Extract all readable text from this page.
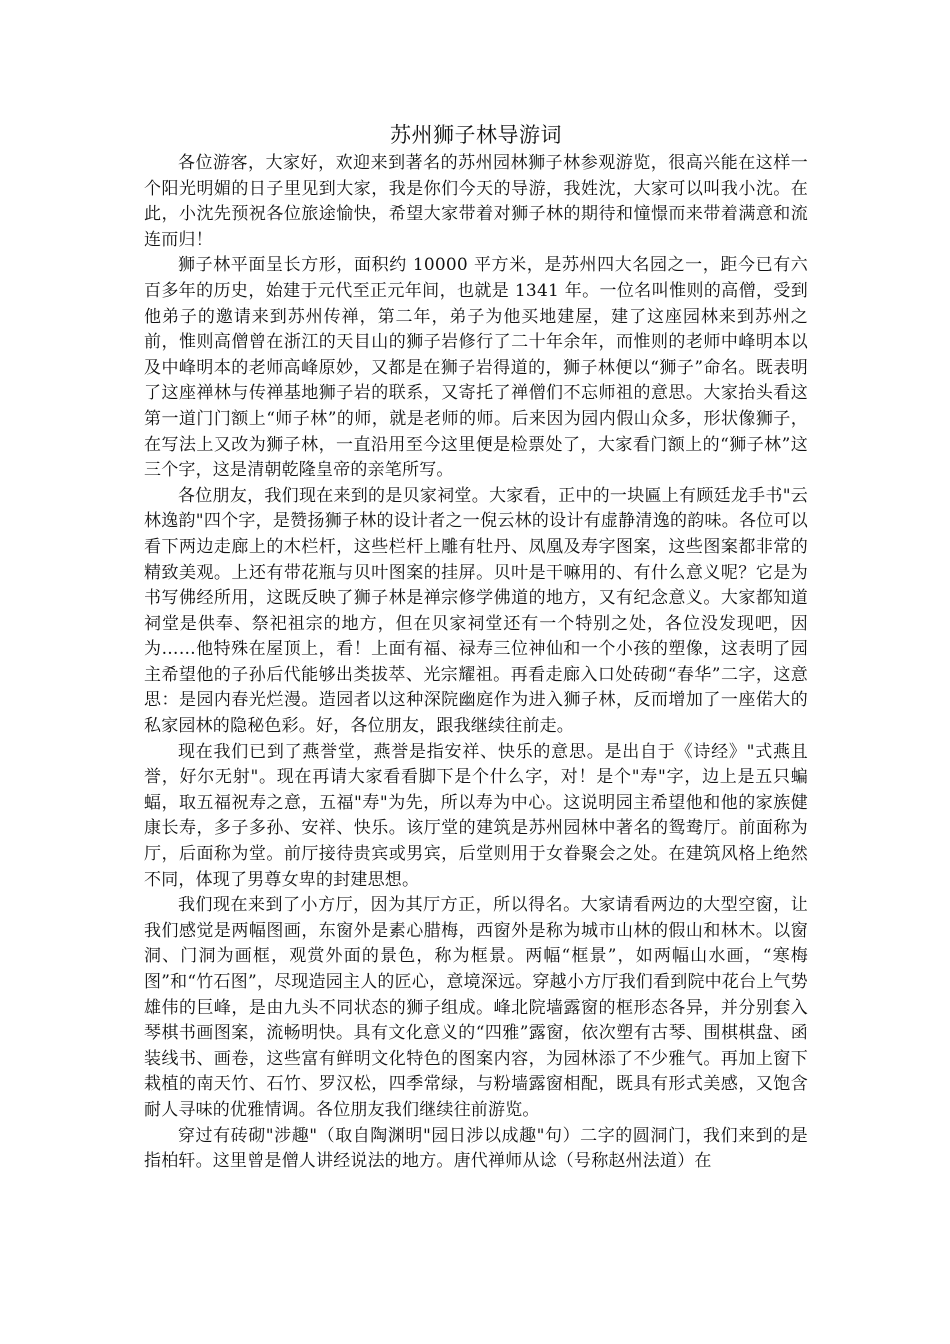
苏州狮子林导游词

各位游客，大家好，欢迎来到著名的苏州园林狮子林参观游览，很高兴能在这样一个阳光明媚的日子里见到大家，我是你们今天的导游，我姓沈，大家可以叫我小沈。在此，小沈先预祝各位旅途愉快，希望大家带着对狮子林的期待和憧憬而来带着满意和流连而归！

狮子林平面呈长方形，面积约 10000 平方米，是苏州四大名园之一，距今已有六百多年的历史，始建于元代至正元年间，也就是 1341 年。一位名叫惟则的高僧，受到他弟子的邀请来到苏州传禅，第二年，弟子为他买地建屋，建了这座园林来到苏州之前，惟则高僧曾在浙江的天目山的狮子岩修行了二十年余年，而惟则的老师中峰明本以及中峰明本的老师高峰原妙，又都是在狮子岩得道的，狮子林便以“狮子”命名。既表明了这座禅林与传禅基地狮子岩的联系，又寄托了禅僧们不忘师祖的意思。大家抬头看这第一道门门额上“师子林”的师，就是老师的师。后来因为园内假山众多，形状像狮子，在写法上又改为狮子林，一直沿用至今这里便是检票处了，大家看门额上的“狮子林”这三个字，这是清朝乾隆皇帝的亲笔所写。

各位朋友，我们现在来到的是贝家祠堂。大家看，正中的一块匾上有顾廷龙手书"云林逸韵"四个字，是赞扬狮子林的设计者之一倪云林的设计有虚静清逸的韵味。各位可以看下两边走廊上的木栏杆，这些栏杆上雕有牡丹、凤凰及寿字图案，这些图案都非常的精致美观。上还有带花瓶与贝叶图案的挂屏。贝叶是干嘛用的、有什么意义呢？它是为书写佛经所用，这既反映了狮子林是禅宗修学佛道的地方，又有纪念意义。大家都知道祠堂是供奉、祭祀祖宗的地方，但在贝家祠堂还有一个特别之处，各位没发现吧，因为……他特殊在屋顶上，看！上面有福、禄寿三位神仙和一个小孩的塑像，这表明了园主希望他的子孙后代能够出类拔萃、光宗耀祖。再看走廊入口处砖砌“春华”二字，这意思：是园内春光烂漫。造园者以这种深院幽庭作为进入狮子林，反而增加了一座偌大的私家园林的隐秘色彩。好，各位朋友，跟我继续往前走。

现在我们已到了燕誉堂，燕誉是指安祥、快乐的意思。是出自于《诗经》"式燕且誉，好尔无射"。现在再请大家看看脚下是个什么字，对！是个"寿"字，边上是五只蝙蝠，取五福祝寿之意，五福"寿"为先，所以寿为中心。这说明园主希望他和他的家族健康长寿，多子多孙、安祥、快乐。该厅堂的建筑是苏州园林中著名的鸳鸯厅。前面称为厅，后面称为堂。前厅接待贵宾或男宾，后堂则用于女眷聚会之处。在建筑风格上绝然不同，体现了男尊女卑的封建思想。

我们现在来到了小方厅，因为其厅方正，所以得名。大家请看两边的大型空窗，让我们感觉是两幅图画，东窗外是素心腊梅，西窗外是称为城市山林的假山和林木。以窗洞、门洞为画框，观赏外面的景色，称为框景。两幅“框景”，如两幅山水画，“寒梅图”和“竹石图”，尽现造园主人的匠心，意境深远。穿越小方厅我们看到院中花台上气势雄伟的巨峰，是由九头不同状态的狮子组成。峰北院墙露窗的框形态各异，并分别套入琴棋书画图案，流畅明快。具有文化意义的“四雅”露窗，依次塑有古琴、围棋棋盘、函装线书、画卷，这些富有鲜明文化特色的图案内容，为园林添了不少雅气。再加上窗下栽植的南天竹、石竹、罗汉松，四季常绿，与粉墙露窗相配，既具有形式美感，又饱含耐人寻味的优雅情调。各位朋友我们继续往前游览。

穿过有砖砌"涉趣"（取自陶渊明"园日涉以成趣"句）二字的圆洞门，我们来到的是指柏轩。这里曾是僧人讲经说法的地方。唐代禅师从谂（号称赵州法道）在
